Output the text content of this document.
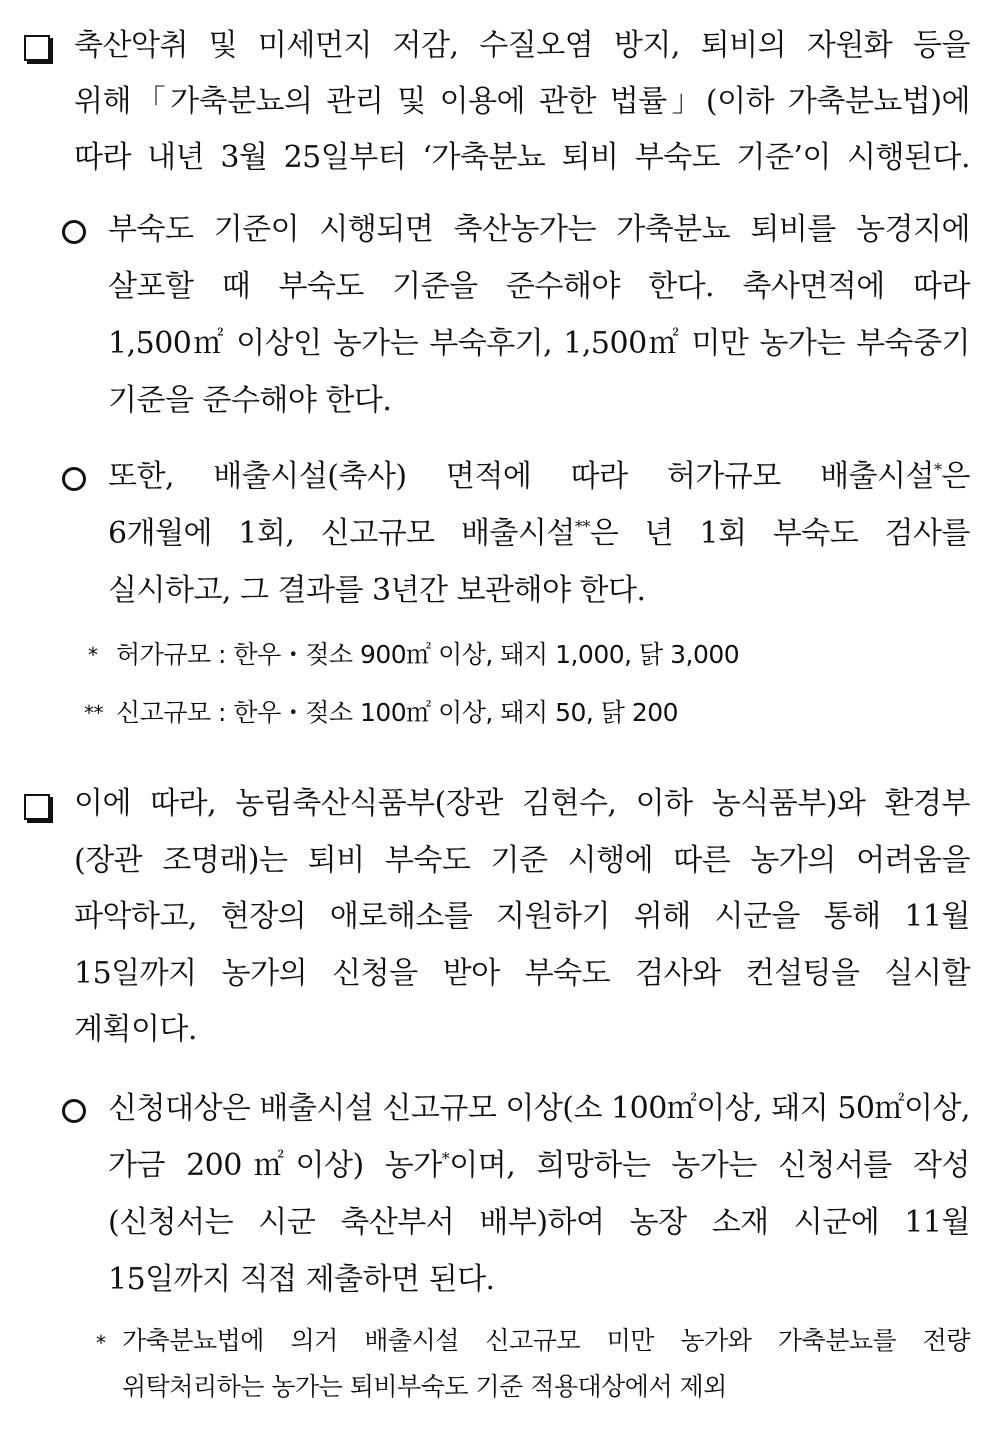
축산악취 및 미세먼지 저감, 수질오염 방지, 퇴비의 자원화 등을
위해「가축분뇨의 관리 및 이용에 관한 법률」(이하 가축분뇨법)에
따라 내년 3월 25일부터 ‘가축분뇨 퇴비 부숙도 기준’이 시행된다.
부숙도 기준이 시행되면 축산농가는 가축분뇨 퇴비를 농경지에
살포할 때 부숙도 기준을 준수해야 한다. 축사면적에 따라
1,500㎡ 이상인 농가는 부숙후기, 1,500㎡ 미만 농가는 부숙중기
기준을 준수해야 한다.
또한, 배출시설(축사) 면적에 따라 허가규모 배출시설*은
6개월에 1회, 신고규모 배출시설**은 년 1회 부숙도 검사를
실시하고, 그 결과를 3년간 보관해야 한다.
* 허가규모 : 한우・젖소 900㎡ 이상, 돼지 1,000, 닭 3,000
** 신고규모 : 한우・젖소 100㎡ 이상, 돼지 50, 닭 200
이에 따라, 농림축산식품부(장관 김현수, 이하 농식품부)와 환경부
(장관 조명래)는 퇴비 부숙도 기준 시행에 따른 농가의 어려움을
파악하고, 현장의 애로해소를 지원하기 위해 시군을 통해 11월
15일까지 농가의 신청을 받아 부숙도 검사와 컨설팅을 실시할
계획이다.
신청대상은 배출시설 신고규모 이상(소 100㎡이상, 돼지 50㎡이상,
가금 200㎡이상) 농가*이며, 희망하는 농가는 신청서를 작성
(신청서는 시군 축산부서 배부)하여 농장 소재 시군에 11월
15일까지 직접 제출하면 된다.
* 가축분뇨법에 의거 배출시설 신고규모 미만 농가와 가축분뇨를 전량
위탁처리하는 농가는 퇴비부숙도 기준 적용대상에서 제외
